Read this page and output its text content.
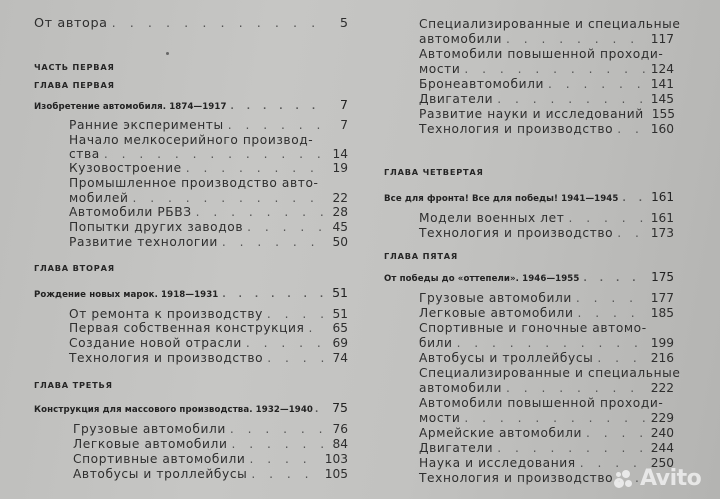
От автора . . .	5
ЧАСТЬ ПЕРВАЯ
ГЛАВА ПЕРВАЯ
Изобретение автомобиля. 1874—1917 . . .	7
Ранние эксперименты . . .	7
Начало мелкосерийного производ-
ства . . .	14
Кузовостроение . . .	19
Промышленное производство авто-
мобилей . . .	22
Автомобили РБВЗ . . .	28
Попытки других заводов . . .	45
Развитие технологии . . .	50
ГЛАВА ВТОРАЯ
Рождение новых марок. 1918—1931 . . .	51
От ремонта к производству . . .	51
Первая собственная конструкция . . .	65
Создание новой отрасли . . .	69
Технология и производство . . .	74
ГЛАВА ТРЕТЬЯ
Конструкция для массового производства. 1932—1940 . . .	75
Грузовые автомобили . . .	76
Легковые автомобили . . .	84
Спортивные автомобили . . .	103
Автобусы и троллейбусы . . .	105
Специализированные и специальные
автомобили . . .	117
Автомобили повышенной проходи-
мости . . .	124
Бронеавтомобили . . .	141
Двигатели . . .	145
Развитие науки и исследований 155
Технология и производство . . .	160
ГЛАВА ЧЕТВЕРТАЯ
Все для фронта! Все для победы! 1941—1945 . . .	161
Модели военных лет . . .	161
Технология и производство . . .	173
ГЛАВА ПЯТАЯ
От победы до «оттепели». 1946—1955 . . .	175
Грузовые автомобили . . .	177
Легковые автомобили . . .	185
Спортивные и гоночные автомо-
били . . .	199
Автобусы и троллейбусы . . .	216
Специализированные и специальные
автомобили . . .	222
Автомобили повышенной проходи-
мости . . .	229
Армейские автомобили . . .	240
Двигатели . . .	244
Наука и исследования . . .	250
Технология и производство . . . Avito
